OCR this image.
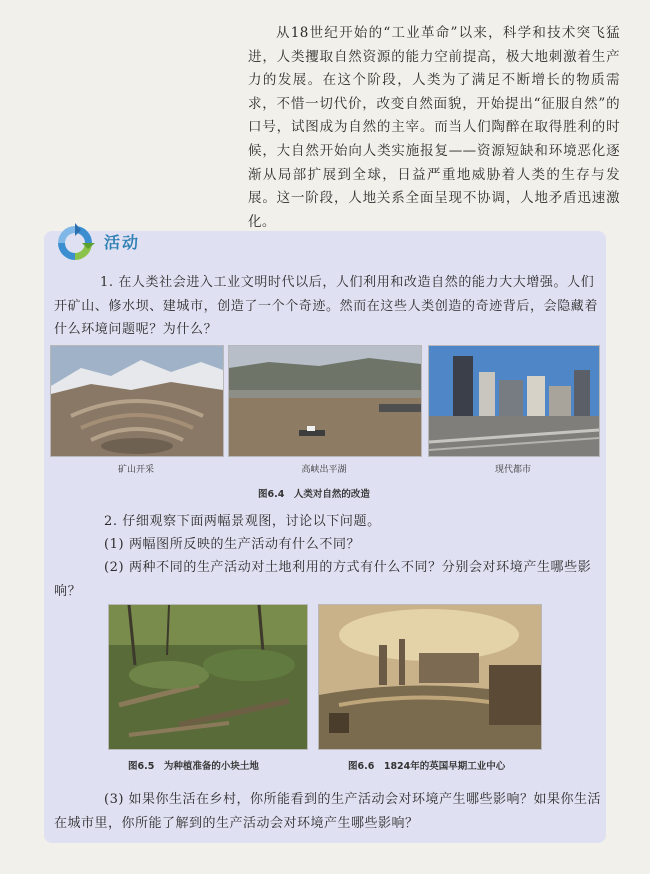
从18世纪开始的“工业革命”以来，科学和技术突飞猛进，人类攫取自然资源的能力空前提高，极大地刺激着生产力的发展。在这个阶段，人类为了满足不断增长的物质需求，不惜一切代价，改变自然面貌，开始提出“征服自然”的口号，试图成为自然的主宰。而当人们陶醉在取得胜利的时候，大自然开始向人类实施报复——资源短缺和环境恶化逐渐从局部扩展到全球，日益严重地威胁着人类的生存与发展。这一阶段，人地关系全面呈现不协调，人地矛盾迅速激化。

活动

1. 在人类社会进入工业文明时代以后，人们利用和改造自然的能力大大增强。人们开矿山、修水坝、建城市，创造了一个个奇迹。然而在这些人类创造的奇迹背后，会隐藏着什么环境问题呢？为什么？

矿山开采	高峡出平湖	现代都市
图6.4　人类对自然的改造

2. 仔细观察下面两幅景观图，讨论以下问题。

(1) 两幅图所反映的生产活动有什么不同？

(2) 两种不同的生产活动对土地利用的方式有什么不同？分别会对环境产生哪些影响？

图6.5　为种植准备的小块土地	图6.6　1824年的英国早期工业中心

(3) 如果你生活在乡村，你所能看到的生产活动会对环境产生哪些影响？如果你生活在城市里，你所能了解到的生产活动会对环境产生哪些影响？
